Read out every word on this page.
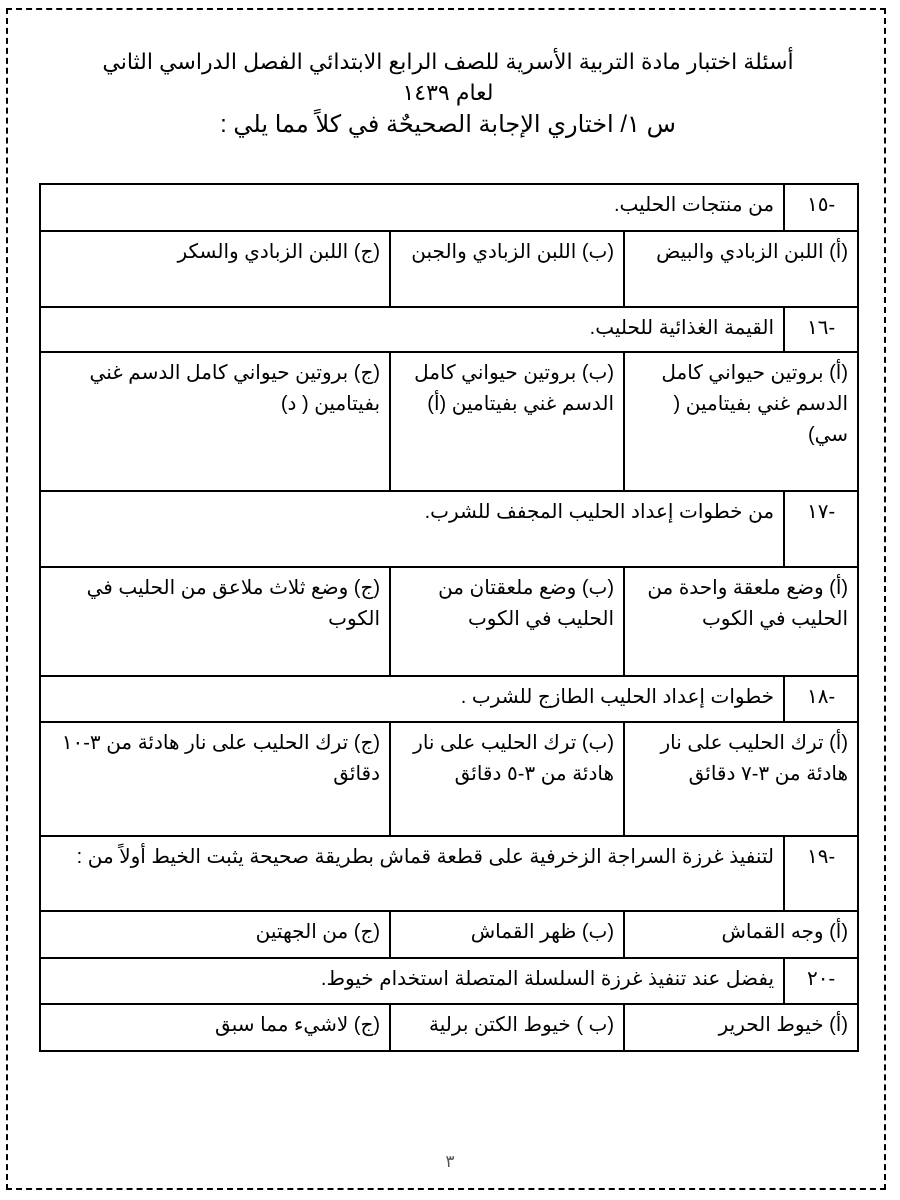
أسئلة اختبار مادة التربية الأسرية للصف الرابع الابتدائي الفصل الدراسي الثاني
لعام ١٤٣٩
س ١/ اختاري الإجابة الصحيحٌة في كلاً مما يلي :
-١٥	من منتجات الحليب.		
(أ) اللبن الزبادي والبيض		(ب) اللبن الزبادي والجبن	(ج) اللبن الزبادي والسكر
-١٦	القيمة الغذائية للحليب.		
(أ) بروتين حيواني كامل الدسم غني بفيتامين ( سي)		(ب) بروتين حيواني كامل الدسم غني بفيتامين (أ)	(ج) بروتين حيواني كامل الدسم غني بفيتامين ( د)
-١٧	من خطوات إعداد الحليب المجفف للشرب.		
(أ) وضع ملعقة واحدة من الحليب في الكوب		(ب) وضع ملعقتان من الحليب في الكوب	(ج) وضع ثلاث ملاعق من الحليب في الكوب
-١٨	خطوات إعداد الحليب الطازج للشرب .		
(أ) ترك الحليب على نار هادئة من ٣-٧ دقائق		(ب) ترك الحليب على نار هادئة من ٣-٥ دقائق	(ج) ترك الحليب على نار هادئة من ٣-١٠ دقائق
-١٩	لتنفيذ غرزة السراجة الزخرفية على قطعة قماش بطريقة صحيحة يثبت الخيط أولاً من :		
(أ) وجه القماش		(ب) ظهر القماش	(ج) من الجهتين
-٢٠	يفضل عند تنفيذ غرزة السلسلة المتصلة استخدام خيوط.		
(أ) خيوط الحرير		(ب ) خيوط الكتن برلية	(ج) لاشيء مما سبق
٣
